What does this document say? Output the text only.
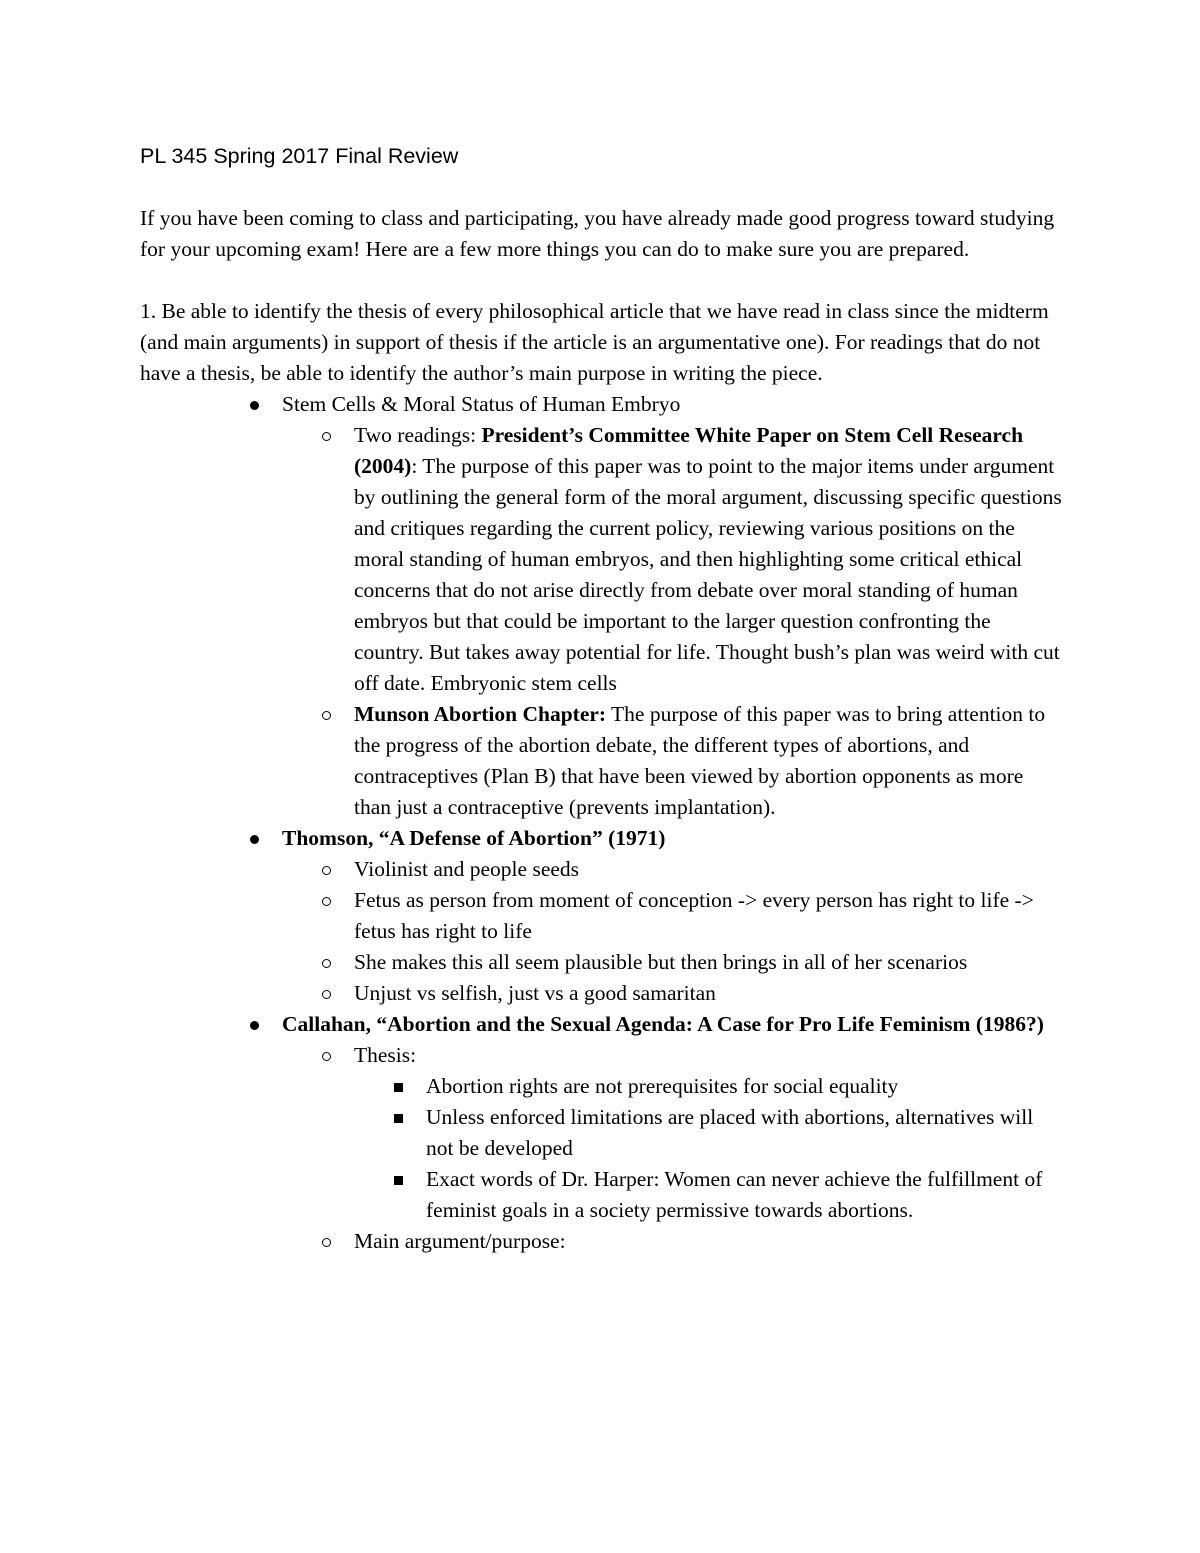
PL 345 Spring 2017 Final Review

If you have been coming to class and participating, you have already made good progress toward studying for your upcoming exam! Here are a few more things you can do to make sure you are prepared.

1. Be able to identify the thesis of every philosophical article that we have read in class since the midterm (and main arguments) in support of thesis if the article is an argumentative one). For readings that do not have a thesis, be able to identify the author’s main purpose in writing the piece.

Stem Cells & Moral Status of Human Embryo
Two readings: President’s Committee White Paper on Stem Cell Research (2004): The purpose of this paper was to point to the major items under argument by outlining the general form of the moral argument, discussing specific questions and critiques regarding the current policy, reviewing various positions on the moral standing of human embryos, and then highlighting some critical ethical concerns that do not arise directly from debate over moral standing of human embryos but that could be important to the larger question confronting the country. But takes away potential for life. Thought bush’s plan was weird with cut off date. Embryonic stem cells
Munson Abortion Chapter: The purpose of this paper was to bring attention to the progress of the abortion debate, the different types of abortions, and contraceptives (Plan B) that have been viewed by abortion opponents as more than just a contraceptive (prevents implantation).
Thomson, “A Defense of Abortion” (1971)
Violinist and people seeds
Fetus as person from moment of conception -> every person has right to life -> fetus has right to life
She makes this all seem plausible but then brings in all of her scenarios
Unjust vs selfish, just vs a good samaritan
Callahan, “Abortion and the Sexual Agenda: A Case for Pro Life Feminism (1986?)
Thesis:
Abortion rights are not prerequisites for social equality
Unless enforced limitations are placed with abortions, alternatives will not be developed
Exact words of Dr. Harper: Women can never achieve the fulfillment of feminist goals in a society permissive towards abortions.
Main argument/purpose:
